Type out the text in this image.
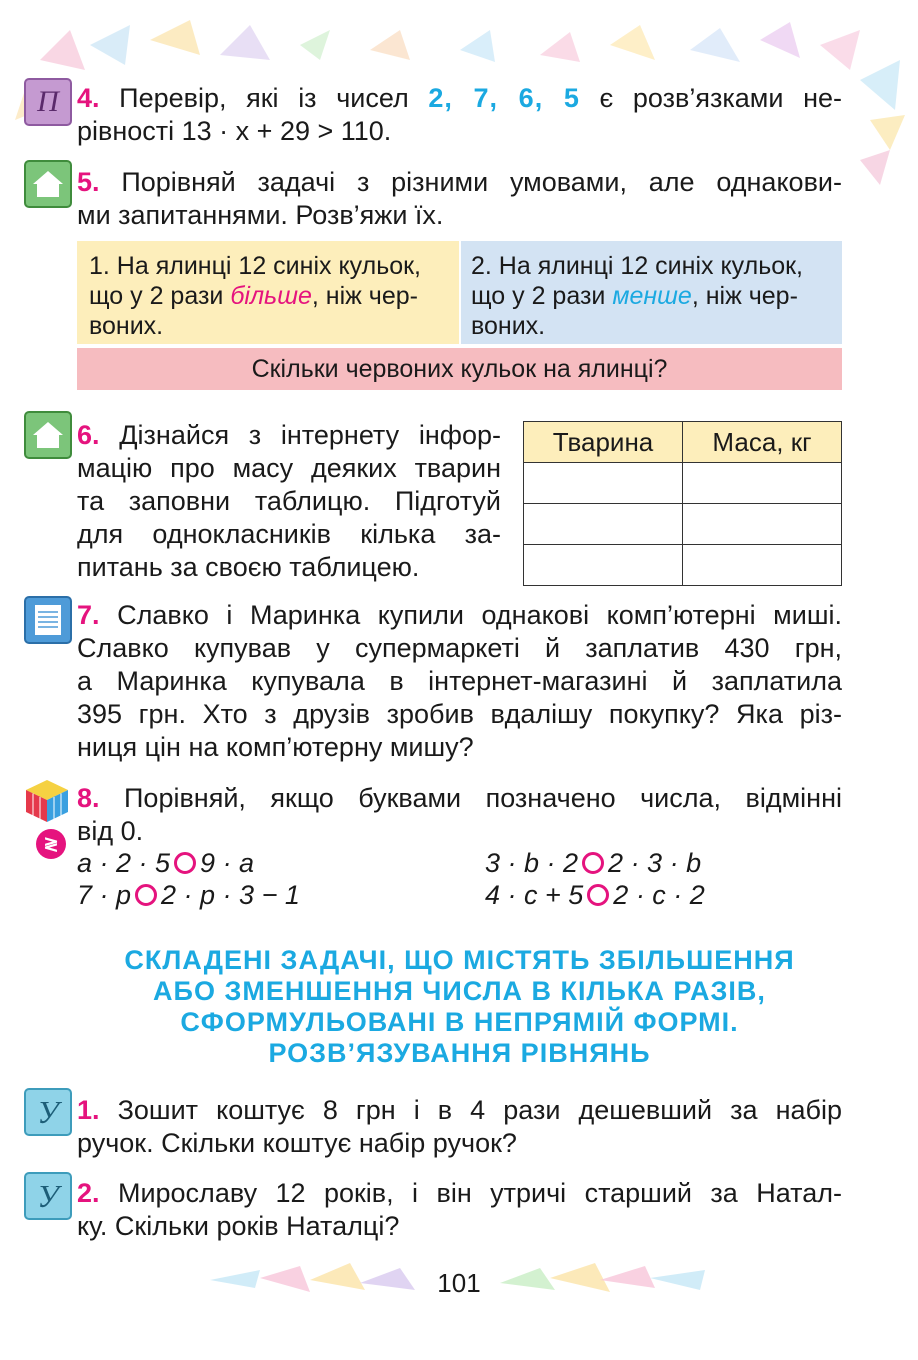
Π 4. Перевір, які із чисел 2, 7, 6, 5 є розв’язками не-
рівності 13 · x + 29 > 110.
5. Порівняй задачі з різними умовами, але однакови-
ми запитаннями. Розв’яжи їх.
1. На ялинці 12 синіх кульок,
що у 2 рази більше, ніж чер-
воних.
2. На ялинці 12 синіх кульок,
що у 2 рази менше, ніж чер-
воних.
Скільки червоних кульок на ялинці?
6. Дізнайся з інтернету інфор-
мацію про масу деяких тварин
та заповни таблицю. Підготуй
для однокласників кілька за-
питань за своєю таблицею.
Тварина	Маса, кг

7. Славко і Маринка купили однакові комп’ютерні миші.
Славко купував у супермаркеті й заплатив 430 грн,
а Маринка купувала в інтернет-магазині й заплатила
395 грн. Хто з друзів зробив вдалішу покупку? Яка різ-
ниця цін на комп’ютерну мишу?
≷
8. Порівняй, якщо буквами позначено числа, відмінні
від 0.
a · 2 · 5 9 · a	3 · b · 2 2 · 3 · b
7 · p 2 · p · 3 − 1	4 · c + 5 2 · c · 2
СКЛАДЕНІ ЗАДАЧІ, ЩО МІСТЯТЬ ЗБІЛЬШЕННЯ
АБО ЗМЕНШЕННЯ ЧИСЛА В КІЛЬКА РАЗІВ,
СФОРМУЛЬОВАНІ В НЕПРЯМІЙ ФОРМІ.
РОЗВ’ЯЗУВАННЯ РІВНЯНЬ
У 1. Зошит коштує 8 грн і в 4 рази дешевший за набір
ручок. Скільки коштує набір ручок?
У 2. Мирославу 12 років, і він утричі старший за Натал-
ку. Скільки років Наталці?
101
